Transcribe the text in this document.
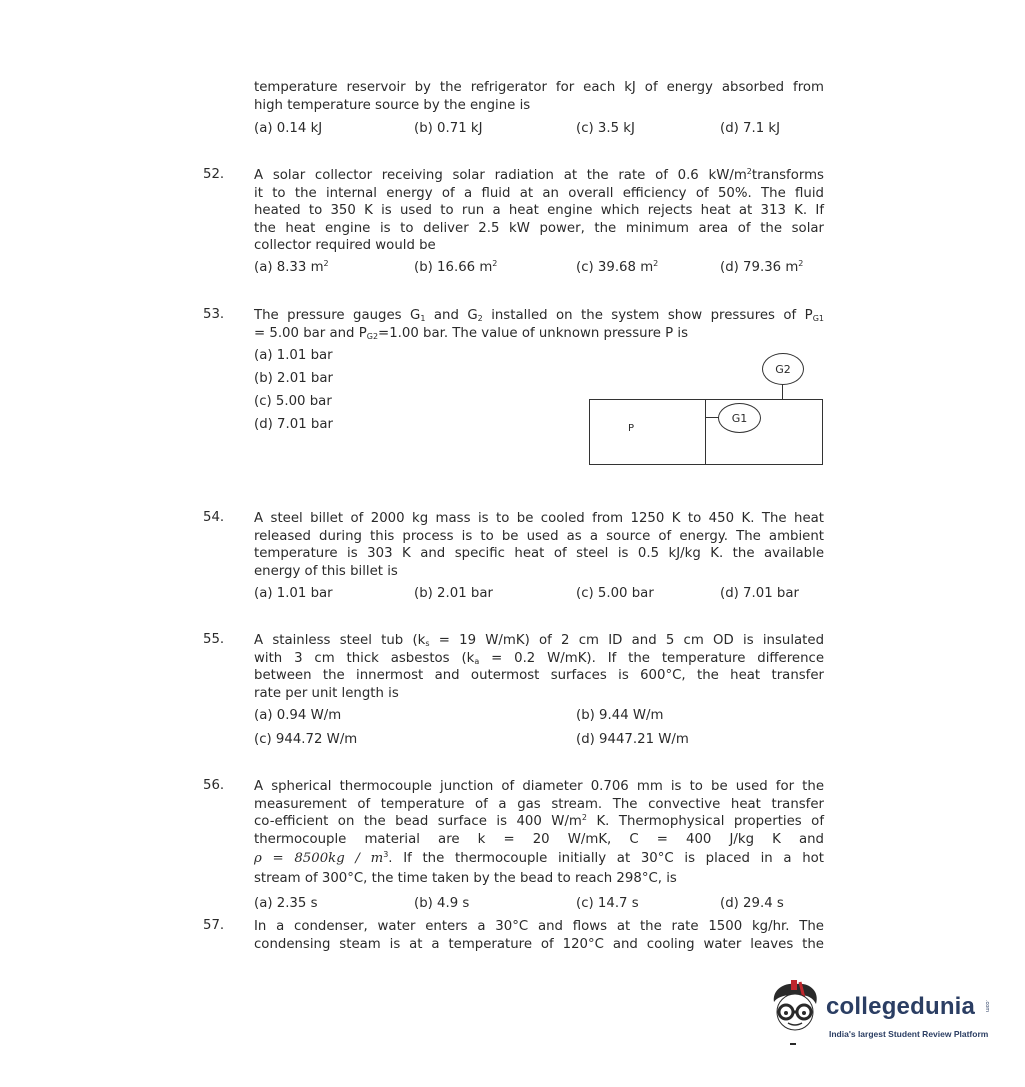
temperature reservoir by the refrigerator for each kJ of energy absorbed from
high temperature source by the engine is
(a) 0.14 kJ	(b) 0.71 kJ	(c) 3.5 kJ	(d) 7.1 kJ
52. A solar collector receiving solar radiation at the rate of 0.6 $kW/m^2transforms$
it to the internal energy of a fluid at an overall efficiency of 50%. The fluid
heated to 350 K is used to run a heat engine which rejects heat at 313 K. If
the heat engine is to deliver 2.5 kW power, the minimum area of the solar
collector required would be
(a) 8.33 $m^2$	(b) 16.66 $m^2$	(c) 39.68 $m^2$	(d) 79.36 $m^2$
53. The pressure gauges $G_1$ and $G_2$ installed on the system show pressures of $P_{G1}$
= 5.00 bar and $P_{G2}=1.00$ bar. The value of unknown pressure P is
(a) 1.01 bar
(b) 2.01 bar
(c) 5.00 bar
(d) 7.01 bar	P
G1
G2
54. A steel billet of 2000 kg mass is to be cooled from 1250 K to 450 K. The heat
released during this process is to be used as a source of energy. The ambient
temperature is 303 K and specific heat of steel is 0.5 kJ/kg K. the available
energy of this billet is
(a) 1.01 bar	(b) 2.01 bar	(c) 5.00 bar	(d) 7.01 bar
55. A stainless steel tub ($k_s = 19$ W/mK) of 2 cm ID and 5 cm OD is insulated
with 3 cm thick asbestos ($k_a = 0.2$ W/mK). If the temperature difference
between the innermost and outermost surfaces is 600°C, the heat transfer
rate per unit length is
(a) 0.94 W/m	(b) 9.44 W/m
(c) 944.72 W/m	(d) 9447.21 W/m
56. A spherical thermocouple junction of diameter 0.706 mm is to be used for the
measurement of temperature of a gas stream. The convective heat transfer
co-efficient on the bead surface is 400 $W/m^2$ K. Thermophysical properties of
thermocouple material are k = 20 W/mK, C = 400 J/kg K and
$\rho = 8500kg / m^3$. If the thermocouple initially at 30°C is placed in a hot
stream of 300°C, the time taken by the bead to reach 298°C, is
(a) 2.35 s	(b) 4.9 s	(c) 14.7 s	(d) 29.4 s
57. In a condenser, water enters a 30°C and flows at the rate 1500 kg/hr. The
condensing steam is at a temperature of 120°C and cooling water leaves the
collegedunia .com
India's largest Student Review Platform
